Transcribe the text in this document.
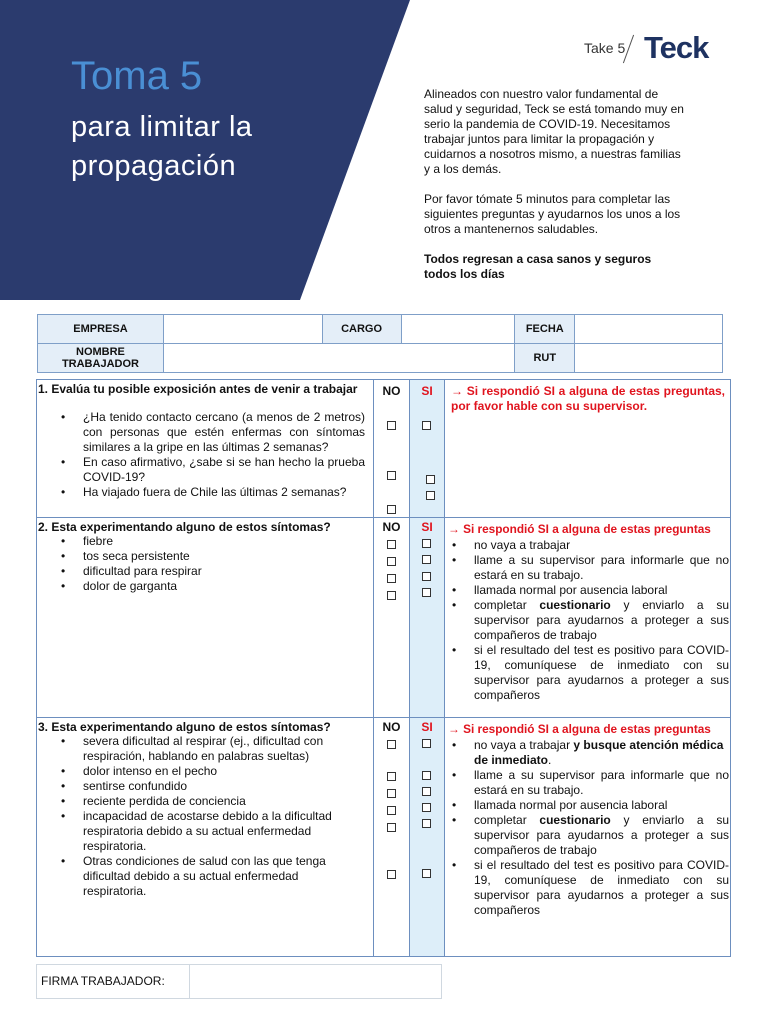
Toma 5
para limitar la propagación
Take 5 Teck

Alineados con nuestro valor fundamental de salud y seguridad, Teck se está tomando muy en serio la pandemia de COVID-19. Necesitamos trabajar juntos para limitar la propagación y cuidarnos a nosotros mismo, a nuestras familias y a los demás.

Por favor tómate 5 minutos para completar las siguientes preguntas y ayudarnos los unos a los otros a mantenernos saludables.

Todos regresan a casa sanos y seguros todos los días

EMPRESA		CARGO		FECHA	
NOMBRE TRABAJADOR				RUT	
1. Evalúa tu posible exposición antes de venir a trabajar
• ¿Ha tenido contacto cercano (a menos de 2 metros) con personas que estén enfermas con síntomas similares a la gripe en las últimas 2 semanas?
• En caso afirmativo, ¿sabe si se han hecho la prueba COVID-19?
• Ha viajado fuera de Chile las últimas 2 semanas?
NO	SI	→ Si respondió SI a alguna de estas preguntas, por favor hable con su supervisor.
2. Esta experimentando alguno de estos síntomas?
• fiebre
• tos seca persistente
• dificultad para respirar
• dolor de garganta
NO	SI	→ Si respondió SI a alguna de estas preguntas
• no vaya a trabajar
• llame a su supervisor para informarle que no estará en su trabajo.
• llamada normal por ausencia laboral
• completar cuestionario y enviarlo a su supervisor para ayudarnos a proteger a sus compañeros de trabajo
• si el resultado del test es positivo para COVID-19, comuníquese de inmediato con su supervisor para ayudarnos a proteger a sus compañeros
3. Esta experimentando alguno de estos síntomas?
• severa dificultad al respirar (ej., dificultad con respiración, hablando en palabras sueltas)
• dolor intenso en el pecho
• sentirse confundido
• reciente perdida de conciencia
• incapacidad de acostarse debido a la dificultad respiratoria debido a su actual enfermedad respiratoria.
• Otras condiciones de salud con las que tenga dificultad debido a su actual enfermedad respiratoria.
NO	SI	→ Si respondió SI a alguna de estas preguntas
• no vaya a trabajar y busque atención médica de inmediato.
• llame a su supervisor para informarle que no estará en su trabajo.
• llamada normal por ausencia laboral
• completar cuestionario y enviarlo a su supervisor para ayudarnos a proteger a sus compañeros de trabajo
• si el resultado del test es positivo para COVID-19, comuníquese de inmediato con su supervisor para ayudarnos a proteger a sus compañeros
FIRMA TRABAJADOR:
